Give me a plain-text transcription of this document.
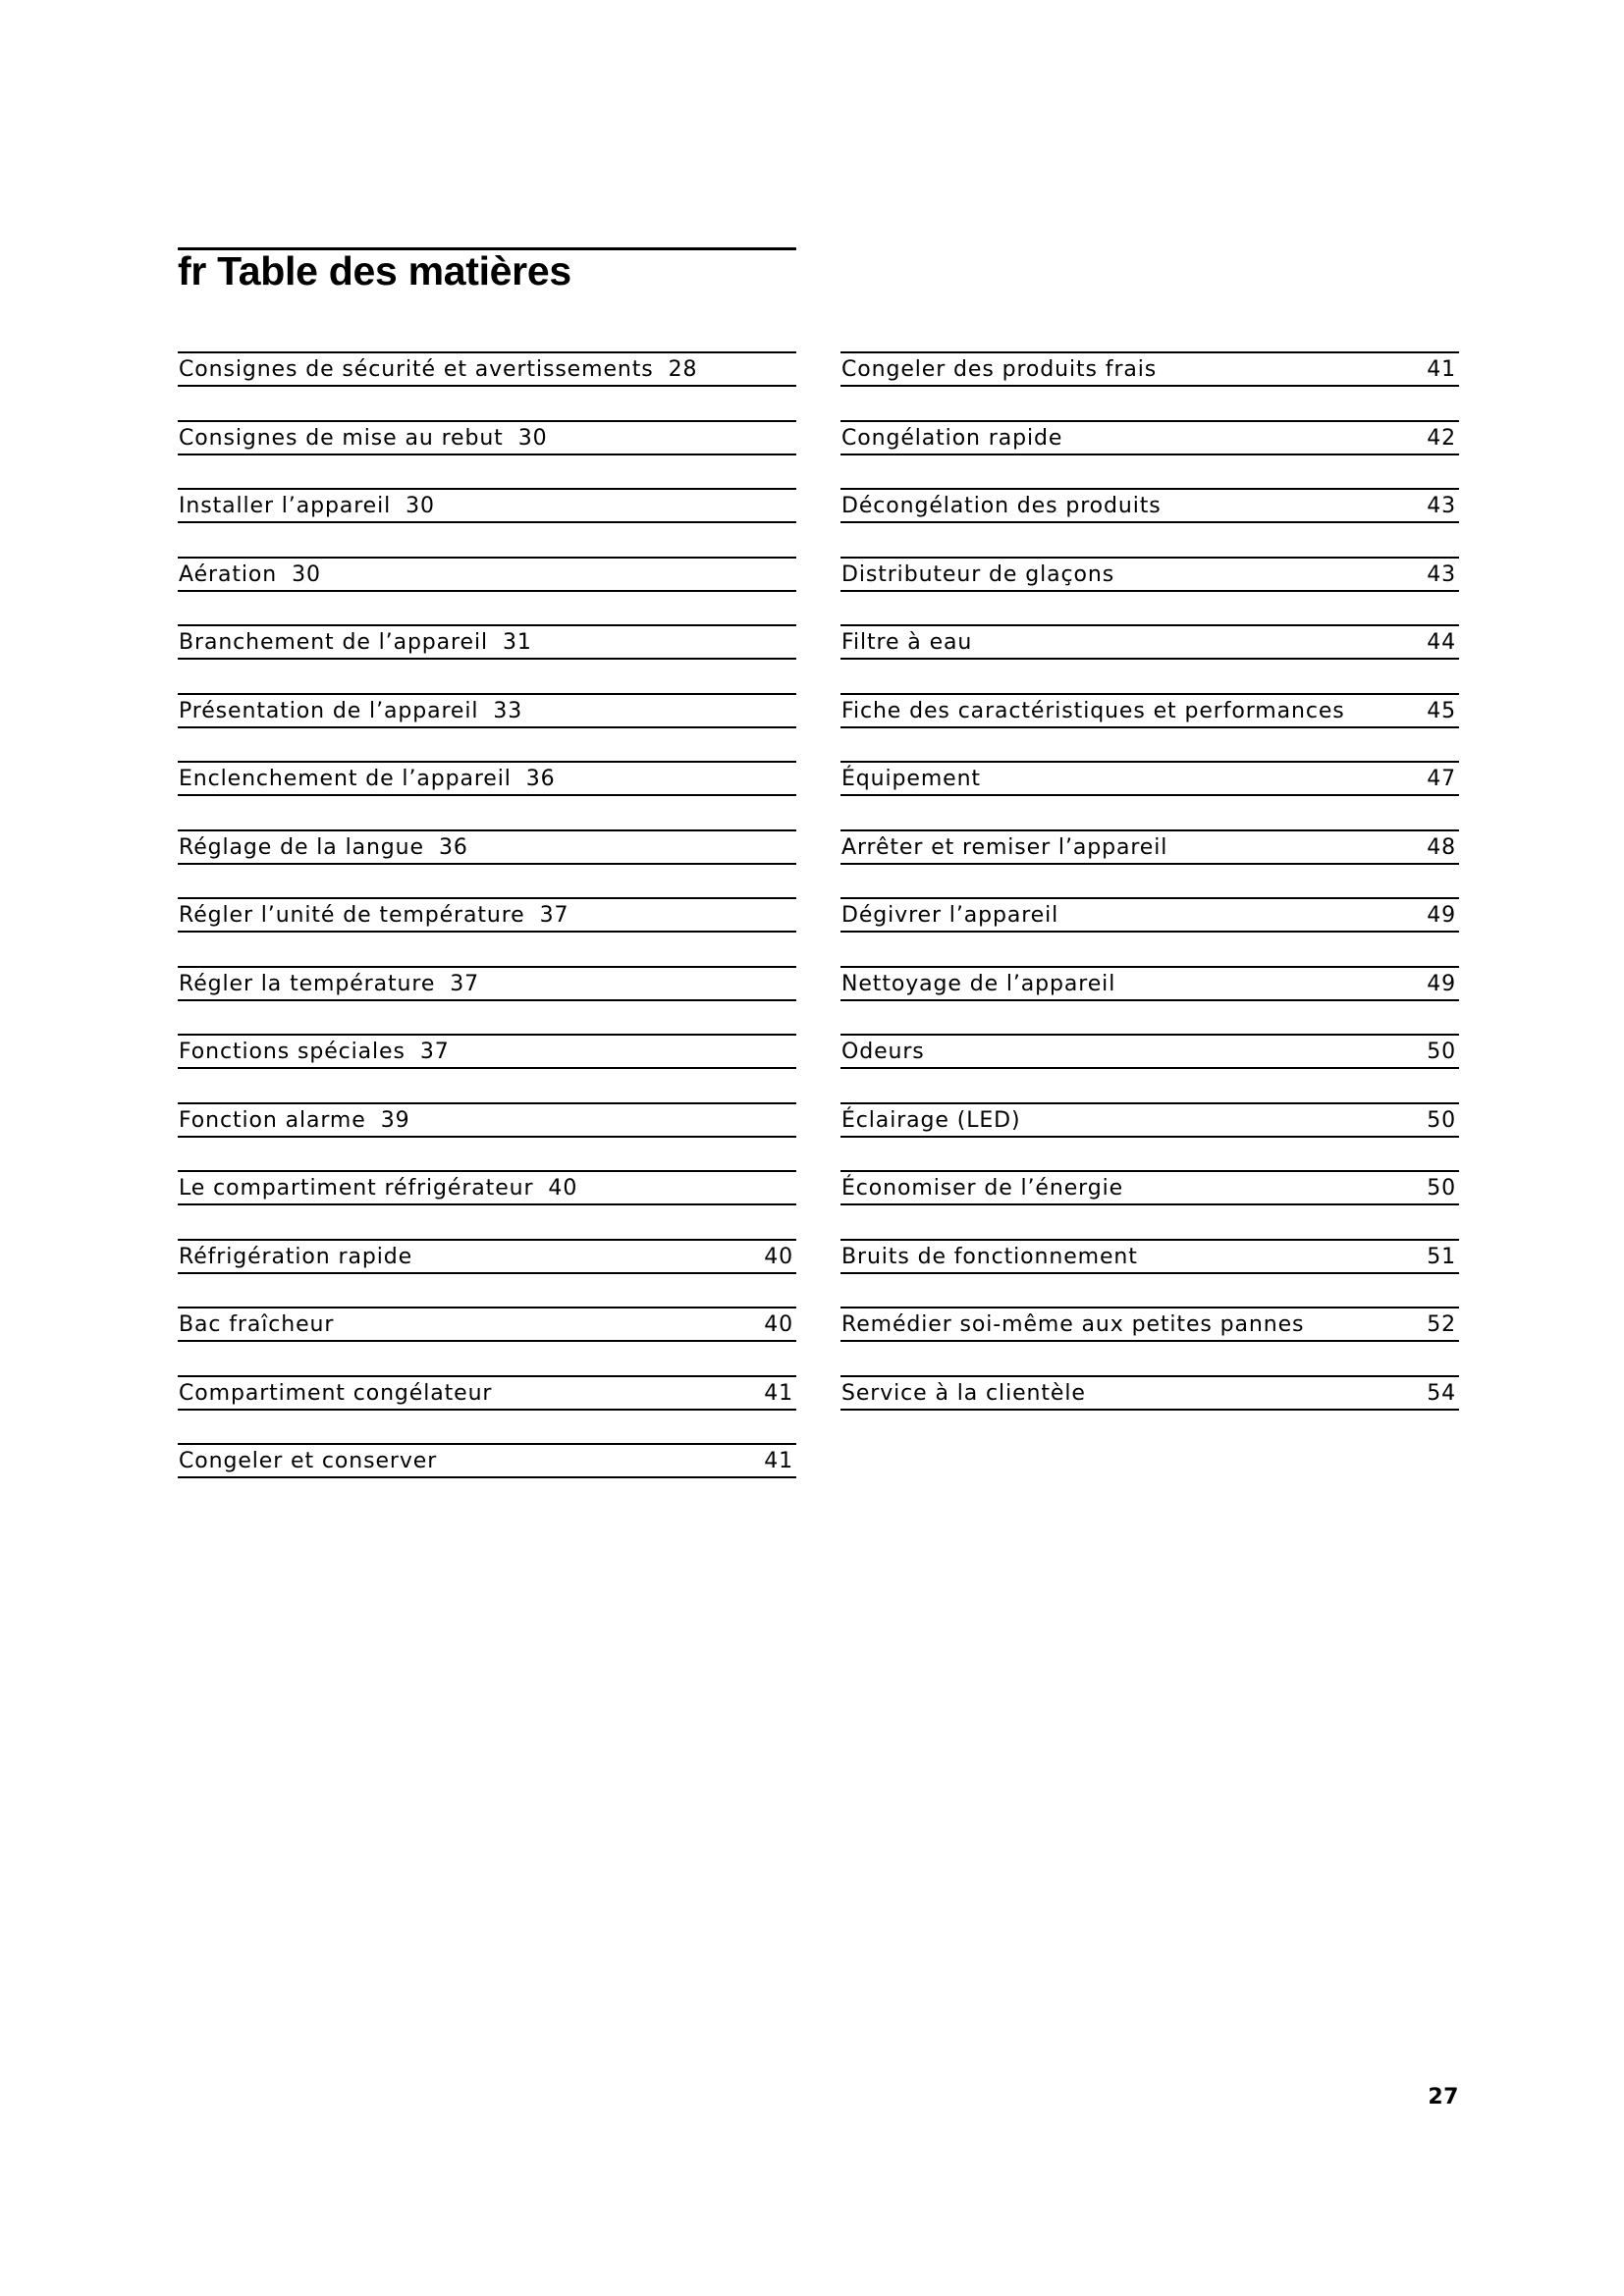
fr Table des matières
Consignes de sécurité et avertissements 28
Consignes de mise au rebut 30
Installer l’appareil 30
Aération 30
Branchement de l’appareil 31
Présentation de l’appareil 33
Enclenchement de l’appareil 36
Réglage de la langue 36
Régler l’unité de température 37
Régler la température 37
Fonctions spéciales 37
Fonction alarme 39
Le compartiment réfrigérateur 40
Réfrigération rapide	40
Bac fraîcheur	40
Compartiment congélateur	41
Congeler et conserver	41
Congeler des produits frais	41
Congélation rapide	42
Décongélation des produits	43
Distributeur de glaçons	43
Filtre à eau	44
Fiche des caractéristiques et performances	45
Équipement	47
Arrêter et remiser l’appareil	48
Dégivrer l’appareil	49
Nettoyage de l’appareil	49
Odeurs	50
Éclairage (LED)	50
Économiser de l’énergie	50
Bruits de fonctionnement	51
Remédier soi-même aux petites pannes	52
Service à la clientèle	54
27
